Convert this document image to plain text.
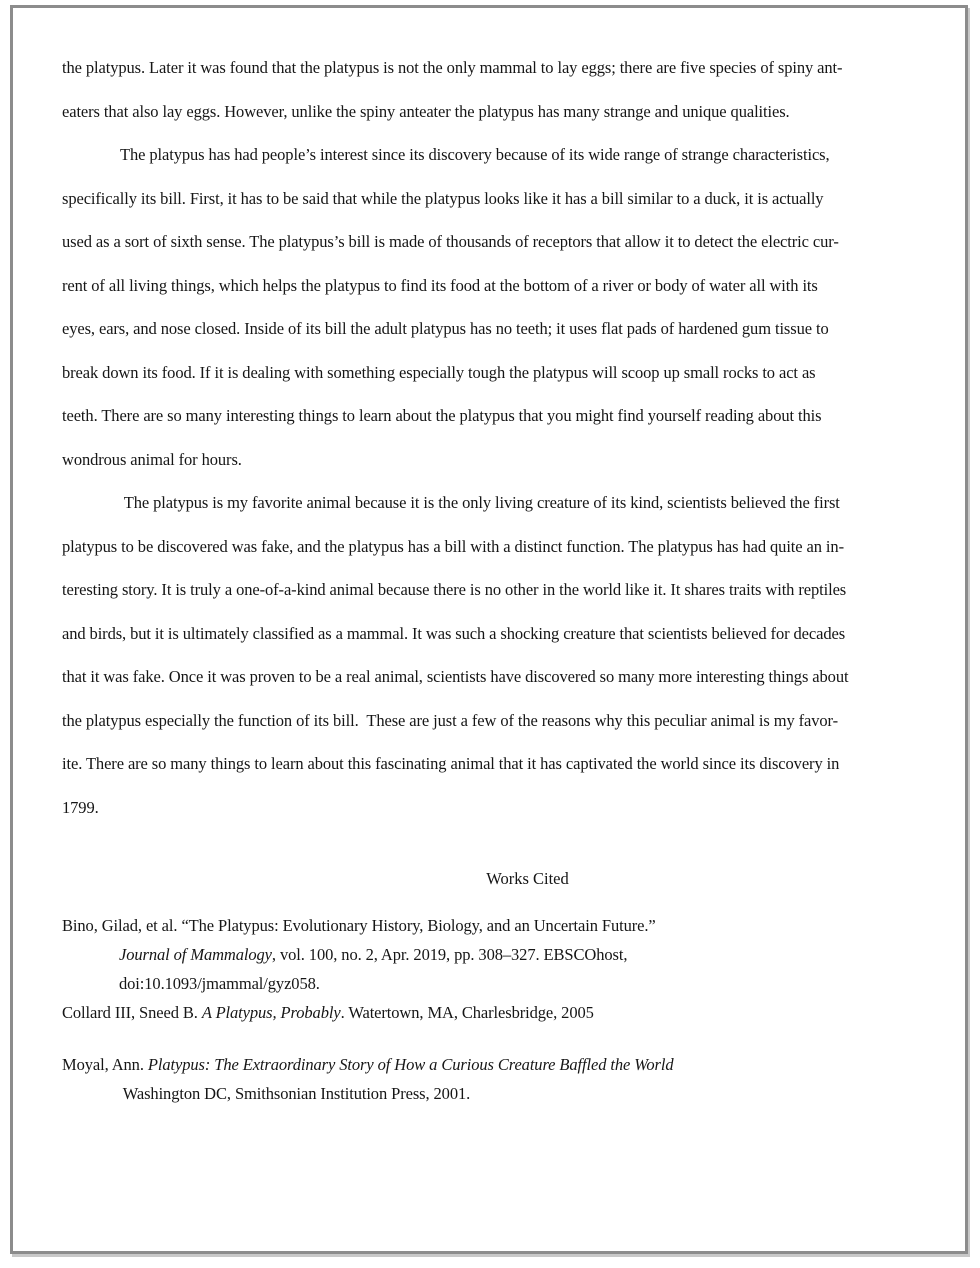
the platypus. Later it was found that the platypus is not the only mammal to lay eggs; there are five species of spiny ant-
eaters that also lay eggs. However, unlike the spiny anteater the platypus has many strange and unique qualities.
The platypus has had people’s interest since its discovery because of its wide range of strange characteristics,
specifically its bill. First, it has to be said that while the platypus looks like it has a bill similar to a duck, it is actually
used as a sort of sixth sense. The platypus’s bill is made of thousands of receptors that allow it to detect the electric cur-
rent of all living things, which helps the platypus to find its food at the bottom of a river or body of water all with its
eyes, ears, and nose closed. Inside of its bill the adult platypus has no teeth; it uses flat pads of hardened gum tissue to
break down its food. If it is dealing with something especially tough the platypus will scoop up small rocks to act as
teeth. There are so many interesting things to learn about the platypus that you might find yourself reading about this
wondrous animal for hours.
The platypus is my favorite animal because it is the only living creature of its kind, scientists believed the first
platypus to be discovered was fake, and the platypus has a bill with a distinct function. The platypus has had quite an in-
teresting story. It is truly a one-of-a-kind animal because there is no other in the world like it. It shares traits with reptiles
and birds, but it is ultimately classified as a mammal. It was such a shocking creature that scientists believed for decades
that it was fake. Once it was proven to be a real animal, scientists have discovered so many more interesting things about
the platypus especially the function of its bill.  These are just a few of the reasons why this peculiar animal is my favor-
ite. There are so many things to learn about this fascinating animal that it has captivated the world since its discovery in
1799.
Works Cited
Bino, Gilad, et al. “The Platypus: Evolutionary History, Biology, and an Uncertain Future.”
Journal of Mammalogy, vol. 100, no. 2, Apr. 2019, pp. 308–327. EBSCOhost,
doi:10.1093/jmammal/gyz058.
Collard III, Sneed B. A Platypus, Probably. Watertown, MA, Charlesbridge, 2005
Moyal, Ann. Platypus: The Extraordinary Story of How a Curious Creature Baffled the World
Washington DC, Smithsonian Institution Press, 2001.
